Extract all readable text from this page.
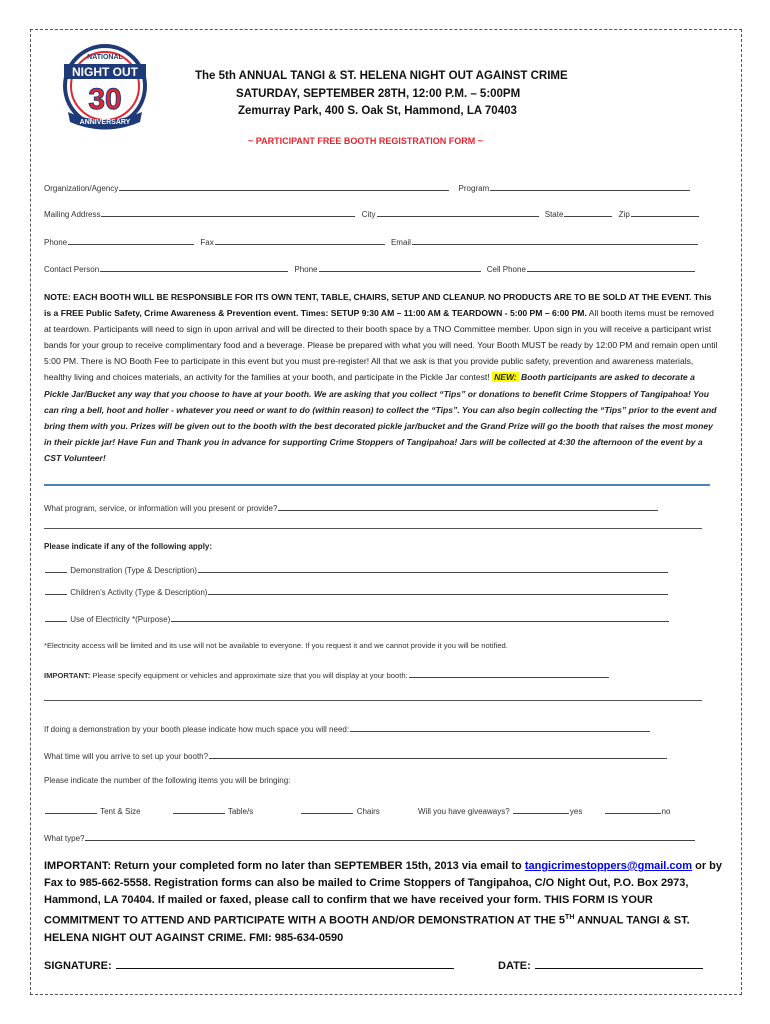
NATIONAL
NIGHT OUT
30
ANNIVERSARY
The 5th ANNUAL TANGI & ST. HELENA NIGHT OUT AGAINST CRIME
SATURDAY, SEPTEMBER 28TH, 12:00 P.M. – 5:00PM
Zemurray Park, 400 S. Oak St, Hammond, LA 70403
~ PARTICIPANT FREE BOOTH REGISTRATION FORM ~
Organization/Agency	Program
Mailing Address	City	State	Zip
Phone	Fax	Email
Contact Person	Phone	Cell Phone

NOTE: EACH BOOTH WILL BE RESPONSIBLE FOR ITS OWN TENT, TABLE, CHAIRS, SETUP AND CLEANUP. NO PRODUCTS ARE TO BE SOLD AT THE EVENT. This is a FREE Public Safety, Crime Awareness & Prevention event. Times: SETUP 9:30 AM – 11:00 AM & TEARDOWN - 5:00 PM – 6:00 PM. All booth items must be removed at teardown. Participants will need to sign in upon arrival and will be directed to their booth space by a TNO Committee member. Upon sign in you will receive a participant wrist bands for your group to receive complimentary food and a beverage. Please be prepared with what you will need. Your Booth MUST be ready by 12:00 PM and remain open until 5:00 PM. There is NO Booth Fee to participate in this event but you must pre-register! All that we ask is that you provide public safety, prevention and awareness materials, healthy living and choices materials, an activity for the families at your booth, and participate in the Pickle Jar contest! NEW: Booth participants are asked to decorate a Pickle Jar/Bucket any way that you choose to have at your booth. We are asking that you collect “Tips” or donations to benefit Crime Stoppers of Tangipahoa! You can ring a bell, hoot and holler - whatever you need or want to do (within reason) to collect the “Tips”. You can also begin collecting the “Tips” prior to the event and bring them with you. Prizes will be given out to the booth with the best decorated pickle jar/bucket and the Grand Prize will go the booth that raises the most money in their pickle jar! Have Fun and Thank you in advance for supporting Crime Stoppers of Tangipahoa! Jars will be collected at 4:30 the afternoon of the event by a CST Volunteer!

What program, service, or information will you present or provide?
Please indicate if any of the following apply:
Demonstration (Type & Description)
Children’s Activity (Type & Description)
Use of Electricity *(Purpose)
*Electricity access will be limited and its use will not be available to everyone. If you request it and we cannot provide it you will be notified.
IMPORTANT: Please specify equipment or vehicles and approximate size that you will display at your booth:
If doing a demonstration by your booth please indicate how much space you will need:
What time will you arrive to set up your booth?
Please indicate the number of the following items you will be bringing:
Tent & Size	Table/s	Chairs	Will you have giveaways?	yes	no
What type?

IMPORTANT: Return your completed form no later than SEPTEMBER 15th, 2013 via email to tangicrimestoppers@gmail.com or by Fax to 985-662-5558. Registration forms can also be mailed to Crime Stoppers of Tangipahoa, C/O Night Out, P.O. Box 2973, Hammond, LA 70404. If mailed or faxed, please call to confirm that we have received your form. THIS FORM IS YOUR COMMITMENT TO ATTEND AND PARTICIPATE WITH A BOOTH AND/OR DEMONSTRATION AT THE 5TH ANNUAL TANGI & ST. HELENA NIGHT OUT AGAINST CRIME. FMI: 985-634-0590

SIGNATURE:	DATE:
